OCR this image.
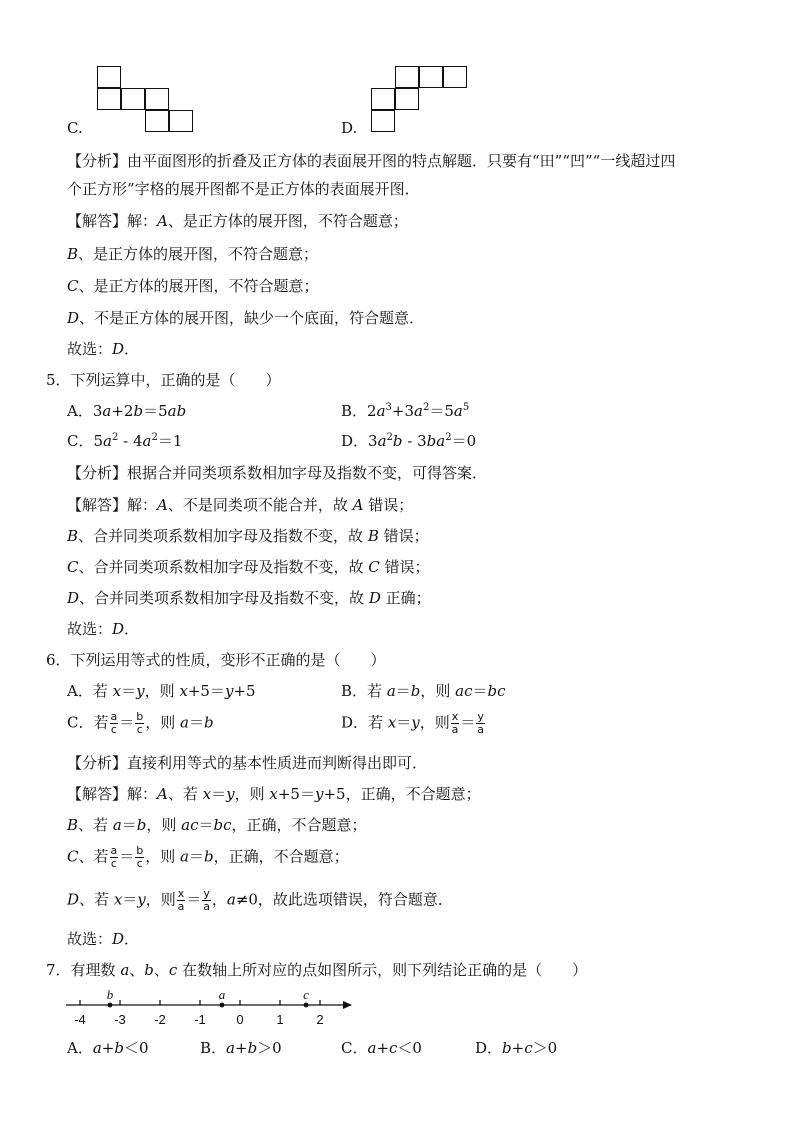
C.	D.
【分析】由平面图形的折叠及正方体的表面展开图的特点解题．只要有“田”“凹”“一线超过四
个正方形”字格的展开图都不是正方体的表面展开图．
【解答】解：A、是正方体的展开图，不符合题意；
B、是正方体的展开图，不符合题意；
C、是正方体的展开图，不符合题意；
D、不是正方体的展开图，缺少一个底面，符合题意．
故选：D．
5．下列运算中，正确的是（　　）
A．3a+2b＝5ab	B．$2a^3+3a^2=5a^5$
C．$5a^2 - 4a^2=1$	D．$3a^2b - 3ba^2=0$
【分析】根据合并同类项系数相加字母及指数不变，可得答案．
【解答】解：A、不是同类项不能合并，故 A 错误；
B、合并同类项系数相加字母及指数不变，故 B 错误；
C、合并同类项系数相加字母及指数不变，故 C 错误；
D、合并同类项系数相加字母及指数不变，故 D 正确；
故选：D．
6．下列运用等式的性质，变形不正确的是（　　）
A．若 x＝y，则 x+5＝y+5	B．若 a＝b，则 ac＝bc
C．若 $\frac{a}{c} = \frac{b}{c}$ ，则 a＝b	D．若 x＝y，则 $\frac{x}{a} = \frac{y}{a}$
【分析】直接利用等式的基本性质进而判断得出即可．
【解答】解：A、若 x＝y，则 x+5＝y+5，正确，不合题意；
B、若 a＝b，则 ac＝bc，正确，不合题意；
C、若 $\frac{a}{c} = \frac{b}{c}$ ，则 a＝b，正确，不合题意；
D、若 x＝y，则 $\frac{x}{a} = \frac{y}{a}$ ，a≠0，故此选项错误，符合题意．
故选：D．
7．有理数 a、b、c 在数轴上所对应的点如图所示，则下列结论正确的是（　　）
-4 -3 -2 -1 0	1	2
b	a	c
A．a+b＜0	B．a+b＞0	C．a+c＜0	D．b+c＞0
